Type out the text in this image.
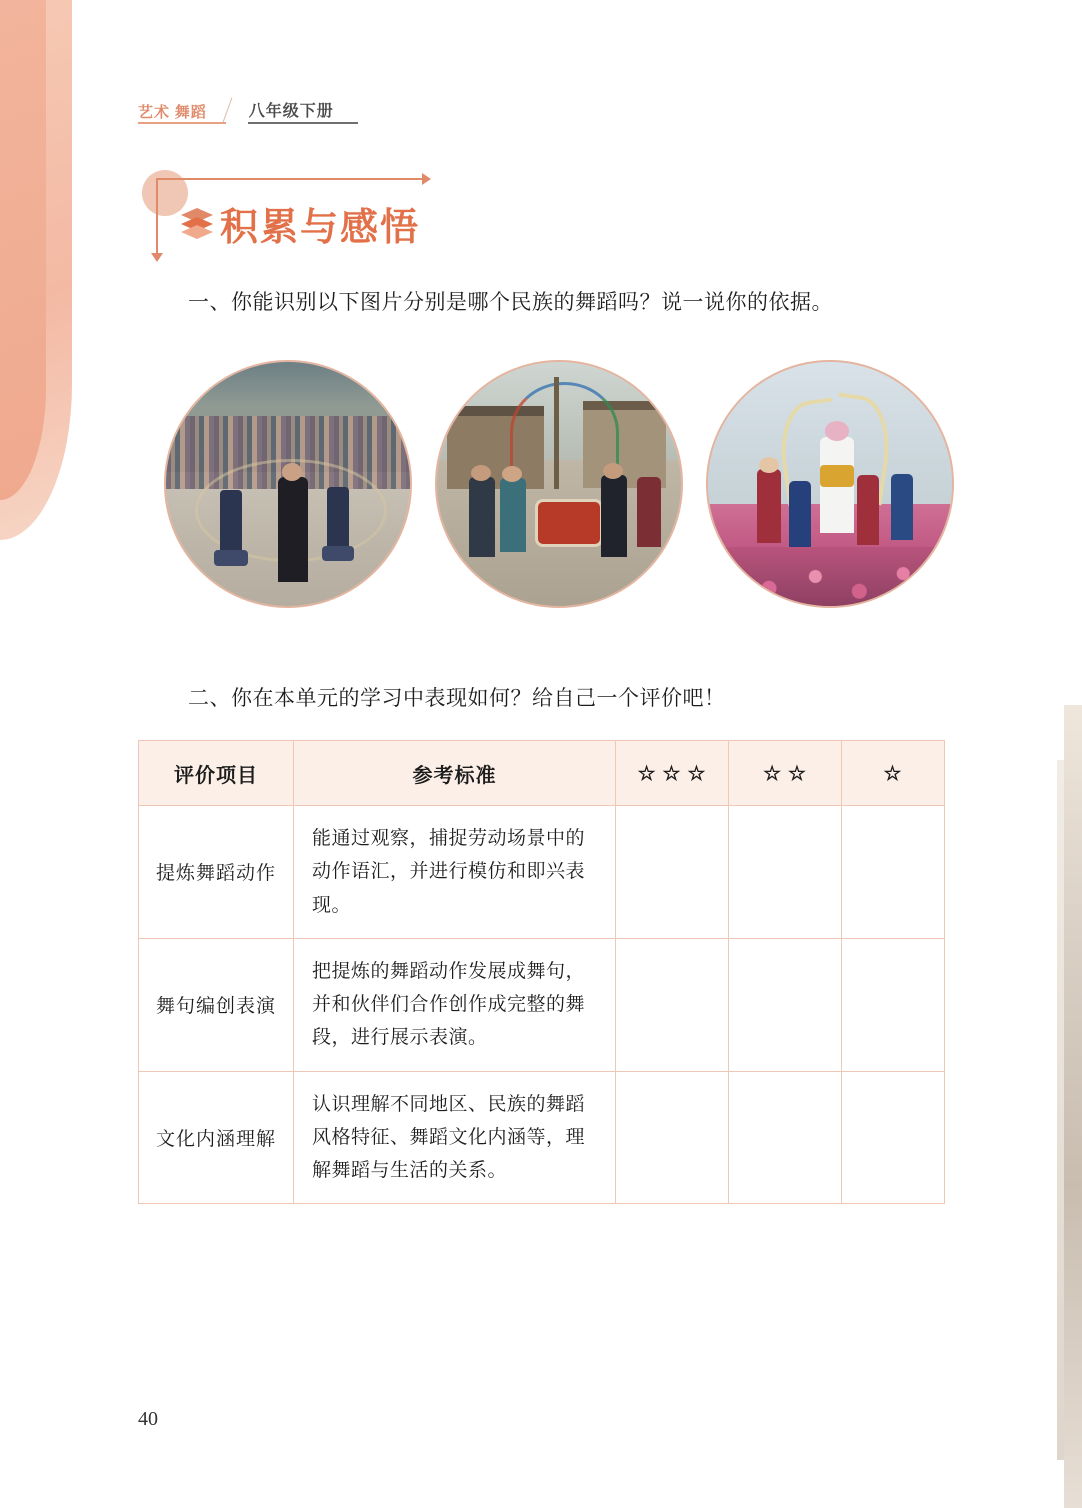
艺术 舞蹈	八年级下册
积累与感悟
一、你能识别以下图片分别是哪个民族的舞蹈吗？说一说你的依据。
二、你在本单元的学习中表现如何？给自己一个评价吧！
评价项目	参考标准	☆ ☆ ☆	☆ ☆	☆
提炼舞蹈动作	能通过观察，捕捉劳动场景中的动作语汇，并进行模仿和即兴表现。			
舞句编创表演	把提炼的舞蹈动作发展成舞句，并和伙伴们合作创作成完整的舞段，进行展示表演。			
文化内涵理解	认识理解不同地区、民族的舞蹈风格特征、舞蹈文化内涵等，理解舞蹈与生活的关系。			
40
